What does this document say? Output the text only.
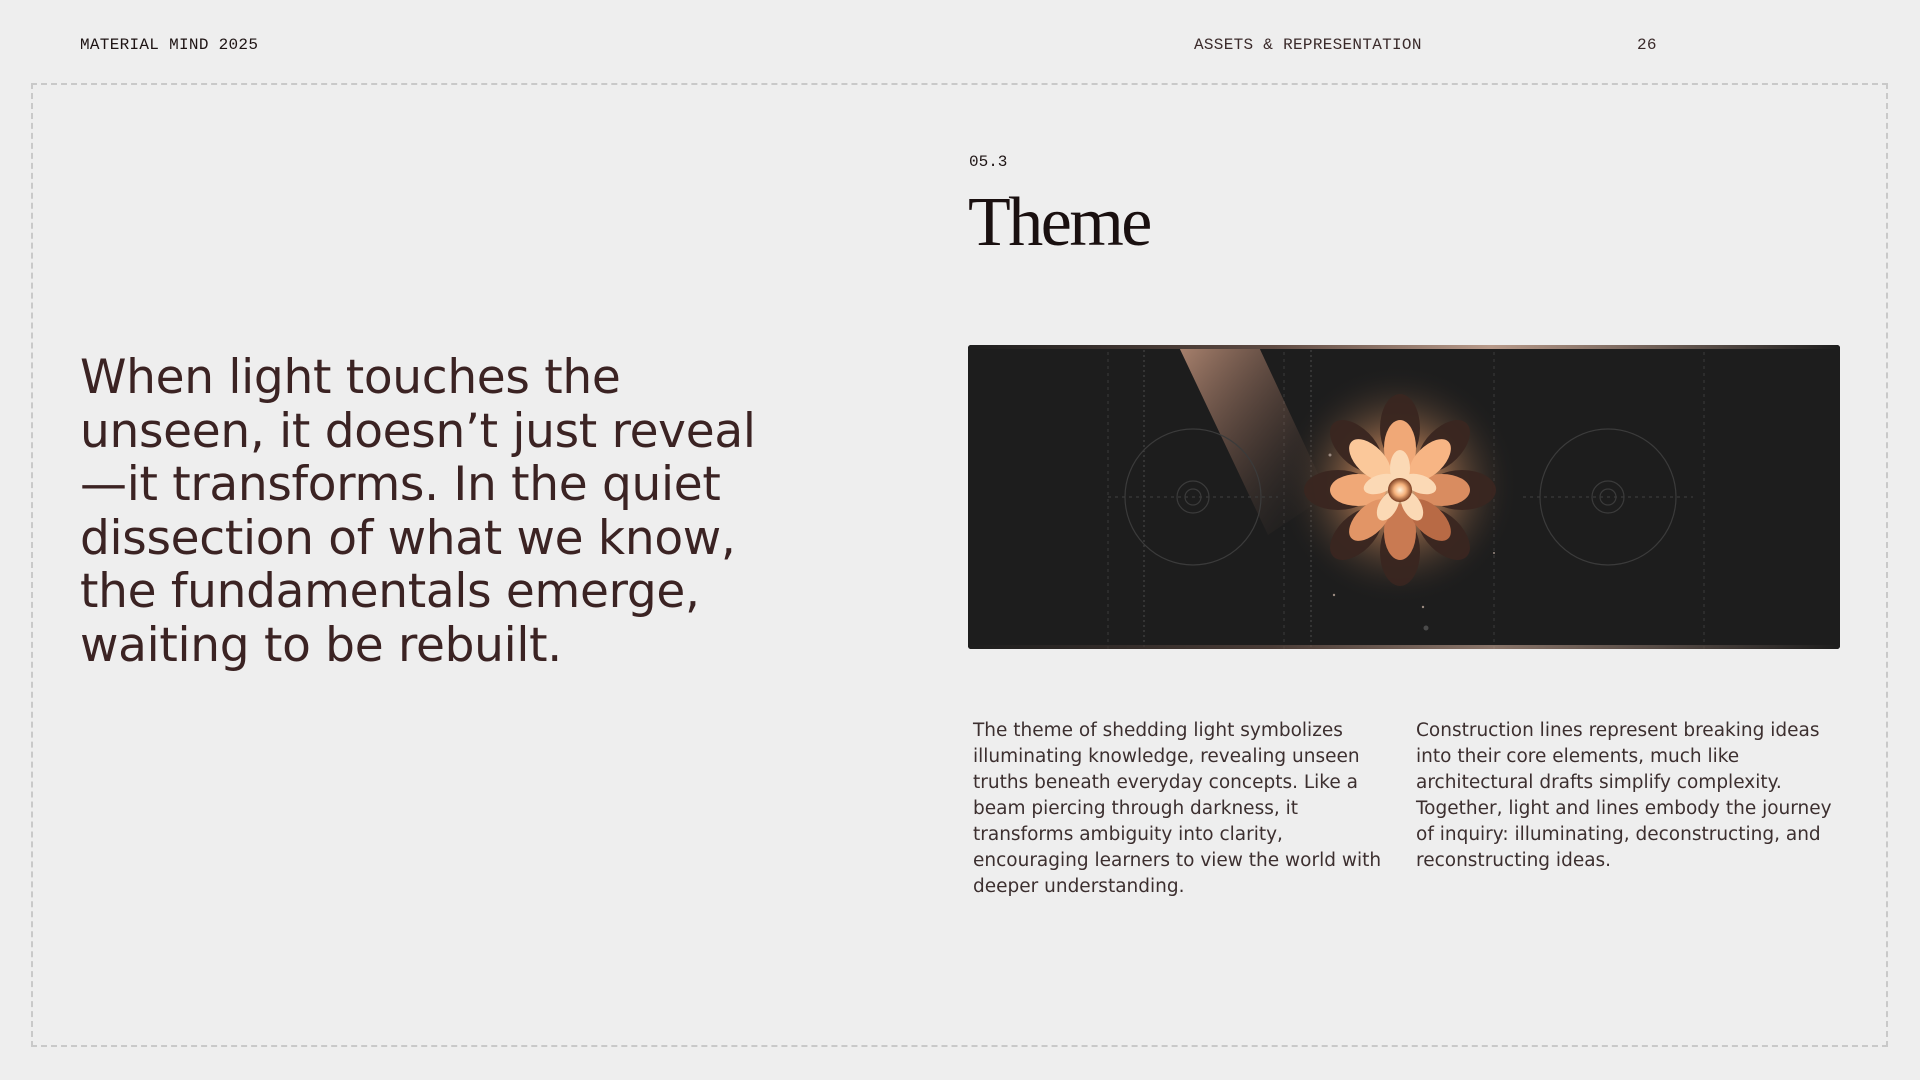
MATERIAL MIND 2025	ASSETS & REPRESENTATION	26

When light touches the unseen, it doesn’t just reveal —it transforms. In the quiet dissection of what we know, the fundamentals emerge, waiting to be rebuilt.

05.3
Theme

The theme of shedding light symbolizes illuminating knowledge, revealing unseen truths beneath everyday concepts. Like a beam piercing through darkness, it transforms ambiguity into clarity, encouraging learners to view the world with deeper understanding.

Construction lines represent breaking ideas into their core elements, much like architectural drafts simplify complexity. Together, light and lines embody the journey of inquiry: illuminating, deconstructing, and reconstructing ideas.
